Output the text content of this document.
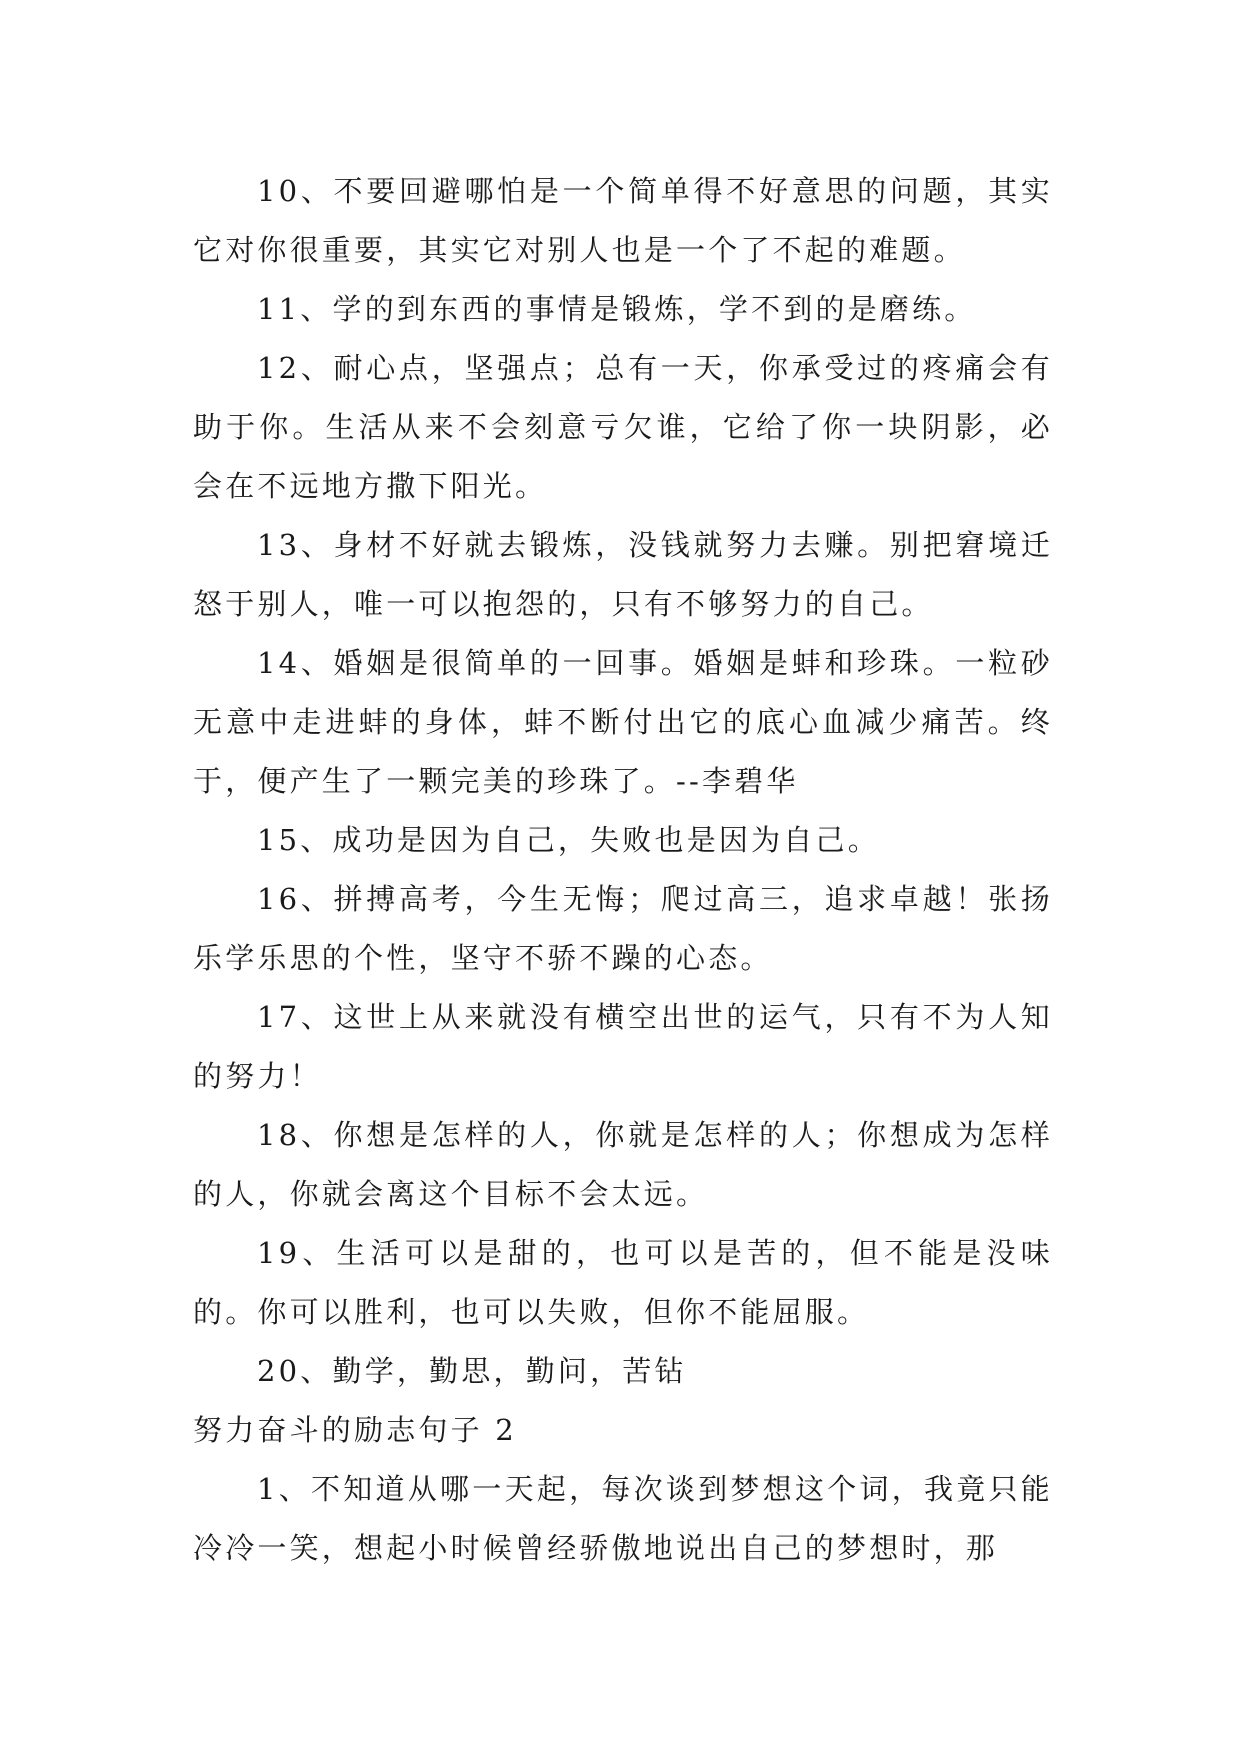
10、不要回避哪怕是一个简单得不好意思的问题，其实它对你很重要，其实它对别人也是一个了不起的难题。

11、学的到东西的事情是锻炼，学不到的是磨练。

12、耐心点，坚强点；总有一天，你承受过的疼痛会有助于你。生活从来不会刻意亏欠谁，它给了你一块阴影，必会在不远地方撒下阳光。

13、身材不好就去锻炼，没钱就努力去赚。别把窘境迁怒于别人，唯一可以抱怨的，只有不够努力的自己。

14、婚姻是很简单的一回事。婚姻是蚌和珍珠。一粒砂无意中走进蚌的身体，蚌不断付出它的底心血减少痛苦。终于，便产生了一颗完美的珍珠了。--李碧华

15、成功是因为自己，失败也是因为自己。

16、拼搏高考，今生无悔；爬过高三，追求卓越！张扬乐学乐思的个性，坚守不骄不躁的心态。

17、这世上从来就没有横空出世的运气，只有不为人知的努力！

18、你想是怎样的人，你就是怎样的人；你想成为怎样的人，你就会离这个目标不会太远。

19、生活可以是甜的，也可以是苦的，但不能是没味的。你可以胜利，也可以失败，但你不能屈服。

20、勤学，勤思，勤问，苦钻

努力奋斗的励志句子 2

1、不知道从哪一天起，每次谈到梦想这个词，我竟只能冷冷一笑，想起小时候曾经骄傲地说出自己的梦想时，那
